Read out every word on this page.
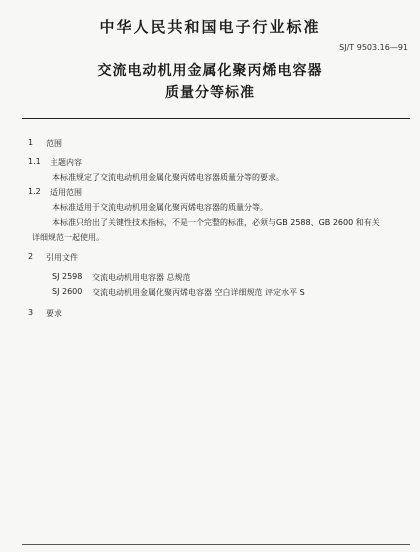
中华人民共和国电子行业标准
SJ/T 9503.16—91
交流电动机用金属化聚丙烯电容器
质量分等标准
1 范围
1.1 主题内容
本标准规定了交流电动机用金属化聚丙烯电容器质量分等的要求。
1.2 适用范围
本标准适用于交流电动机用金属化聚丙烯电容器的质量分等。
本标准只给出了关键性技术指标，不是一个完整的标准，必须与GB 2588、GB 2600 和有关
详细规范一起使用。
2 引用文件
SJ 2598 交流电动机用电容器 总规范
SJ 2600 交流电动机用金属化聚丙烯电容器 空白详细规范 评定水平 S
3 要求
